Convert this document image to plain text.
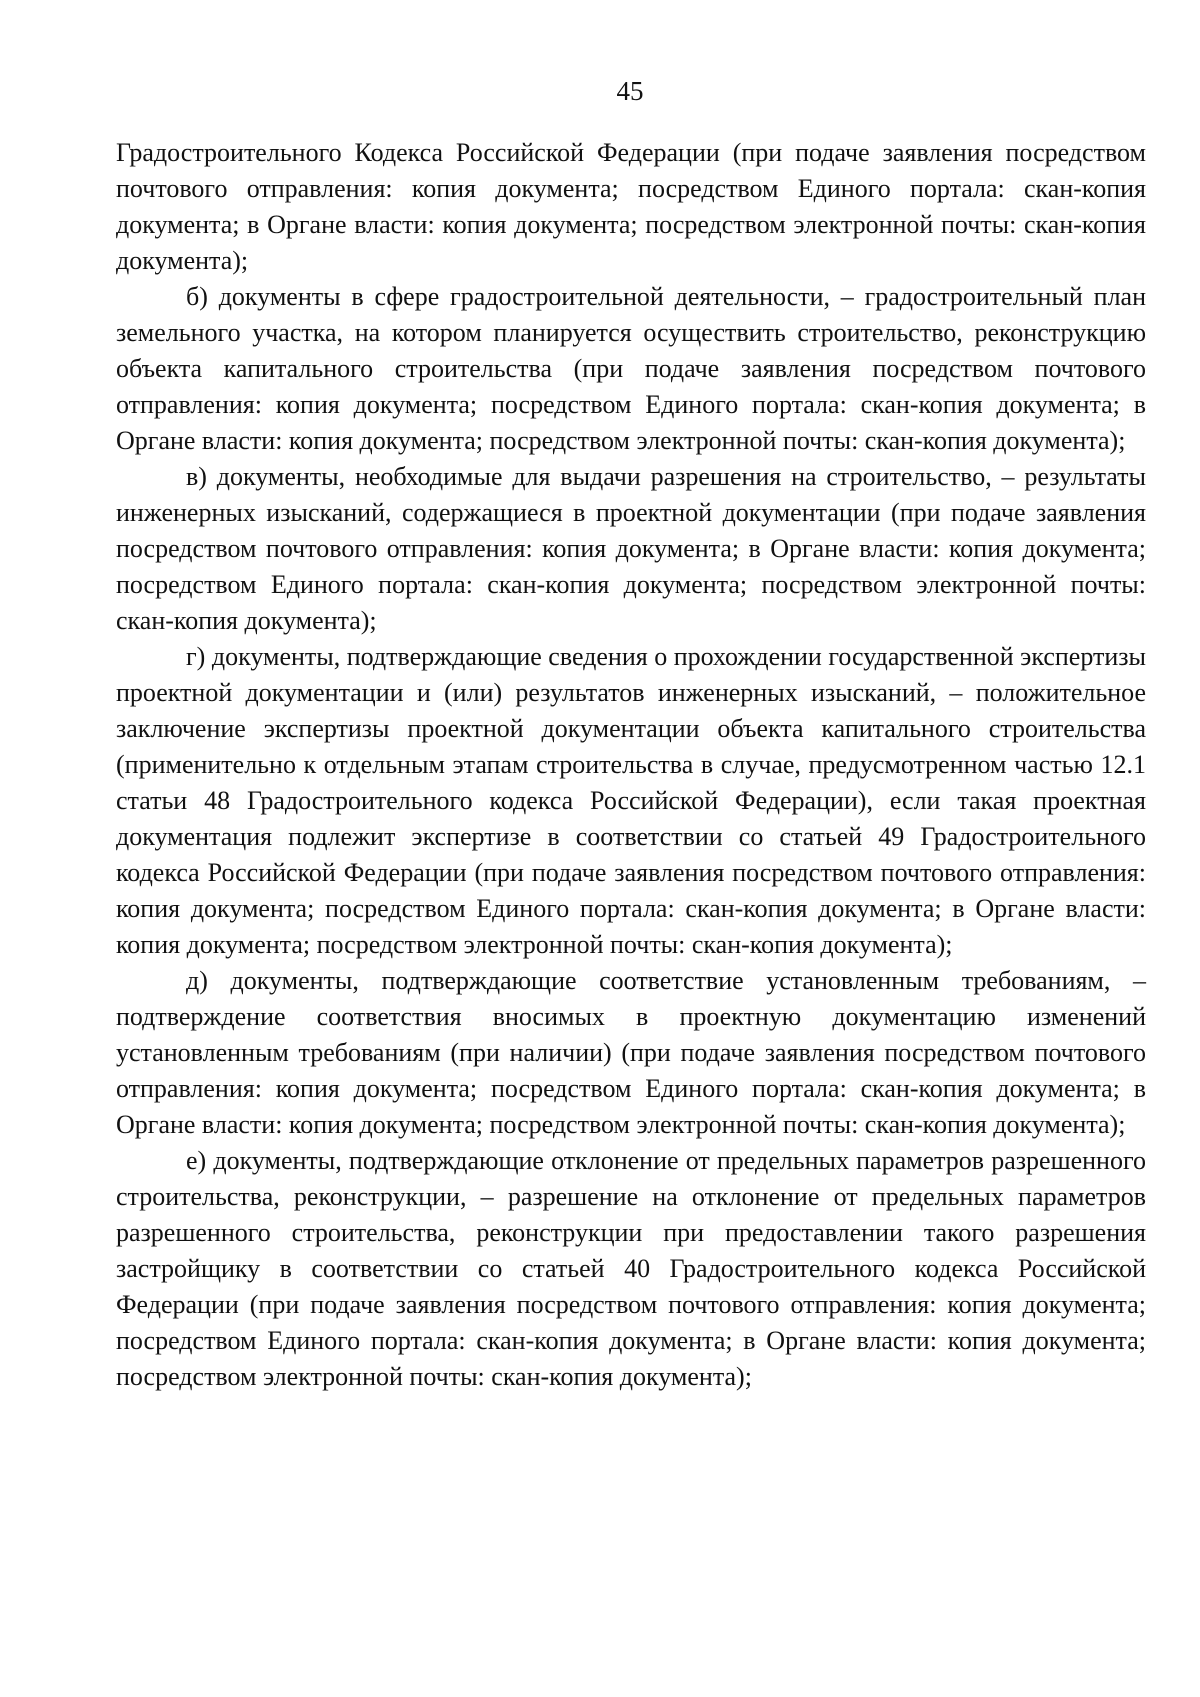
45

Градостроительного Кодекса Российской Федерации (при подаче заявления посредством почтового отправления: копия документа; посредством Единого портала: скан-копия документа; в Органе власти: копия документа; посредством электронной почты: скан-копия документа);

б) документы в сфере градостроительной деятельности, – градостроительный план земельного участка, на котором планируется осуществить строительство, реконструкцию объекта капитального строительства (при подаче заявления посредством почтового отправления: копия документа; посредством Единого портала: скан-копия документа; в Органе власти: копия документа; посредством электронной почты: скан-копия документа);

в) документы, необходимые для выдачи разрешения на строительство, – результаты инженерных изысканий, содержащиеся в проектной документации (при подаче заявления посредством почтового отправления: копия документа; в Органе власти: копия документа; посредством Единого портала: скан-копия документа; посредством электронной почты: скан-копия документа);

г) документы, подтверждающие сведения о прохождении государственной экспертизы проектной документации и (или) результатов инженерных изысканий, – положительное заключение экспертизы проектной документации объекта капитального строительства (применительно к отдельным этапам строительства в случае, предусмотренном частью 12.1 статьи 48 Градостроительного кодекса Российской Федерации), если такая проектная документация подлежит экспертизе в соответствии со статьей 49 Градостроительного кодекса Российской Федерации (при подаче заявления посредством почтового отправления: копия документа; посредством Единого портала: скан-копия документа; в Органе власти: копия документа; посредством электронной почты: скан-копия документа);

д) документы, подтверждающие соответствие установленным требованиям, – подтверждение соответствия вносимых в проектную документацию изменений установленным требованиям (при наличии) (при подаче заявления посредством почтового отправления: копия документа; посредством Единого портала: скан-копия документа; в Органе власти: копия документа; посредством электронной почты: скан-копия документа);

е) документы, подтверждающие отклонение от предельных параметров разрешенного строительства, реконструкции, – разрешение на отклонение от предельных параметров разрешенного строительства, реконструкции при предоставлении такого разрешения застройщику в соответствии со статьей 40 Градостроительного кодекса Российской Федерации (при подаче заявления посредством почтового отправления: копия документа; посредством Единого портала: скан-копия документа; в Органе власти: копия документа; посредством электронной почты: скан-копия документа);
